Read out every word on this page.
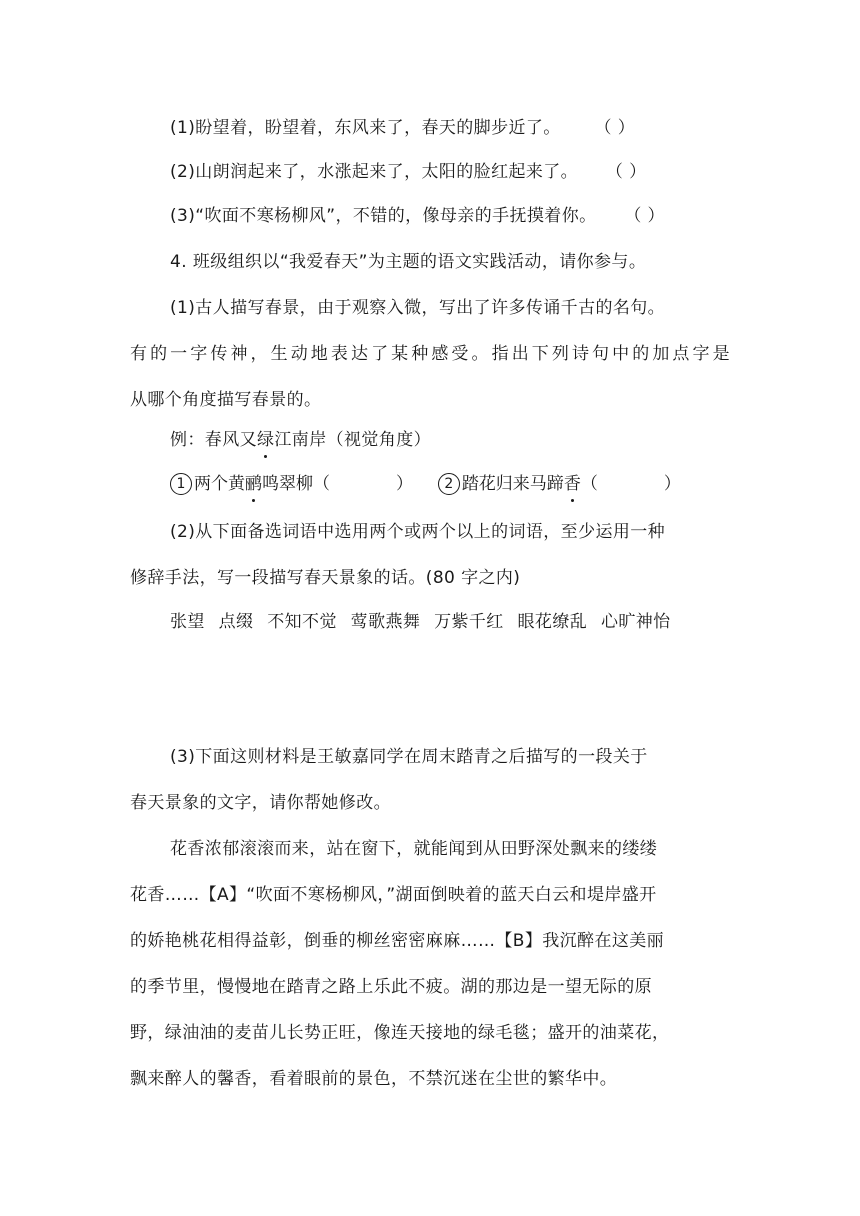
(1)盼望着，盼望着，东风来了，春天的脚步近了。 （ ）
(2)山朗润起来了，水涨起来了，太阳的脸红起来了。 （ ）
(3)“吹面不寒杨柳风”，不错的，像母亲的手抚摸着你。 （ ）
4. 班级组织以“我爱春天”为主题的语文实践活动，请你参与。
(1)古人描写春景，由于观察入微，写出了许多传诵千古的名句。
有的一字传神，生动地表达了某种感受。指出下列诗句中的加点字是
从哪个角度描写春景的。
例：春风又绿江南岸（视觉角度）
1 两个黄鹂鸣翠柳（	） 2 踏花归来马蹄香（	）
(2)从下面备选词语中选用两个或两个以上的词语，至少运用一种
修辞手法，写一段描写春天景象的话。(80 字之内)
张望 点缀 不知不觉 莺歌燕舞 万紫千红 眼花缭乱 心旷神怡
(3)下面这则材料是王敏嘉同学在周末踏青之后描写的一段关于
春天景象的文字，请你帮她修改。
花香浓郁滚滚而来，站在窗下，就能闻到从田野深处飘来的缕缕
花香……【A】“吹面不寒杨柳风，”湖面倒映着的蓝天白云和堤岸盛开
的娇艳桃花相得益彰，倒垂的柳丝密密麻麻……【B】我沉醉在这美丽
的季节里，慢慢地在踏青之路上乐此不疲。湖的那边是一望无际的原
野，绿油油的麦苗儿长势正旺，像连天接地的绿毛毯；盛开的油菜花，
飘来醉人的馨香，看着眼前的景色，不禁沉迷在尘世的繁华中。
